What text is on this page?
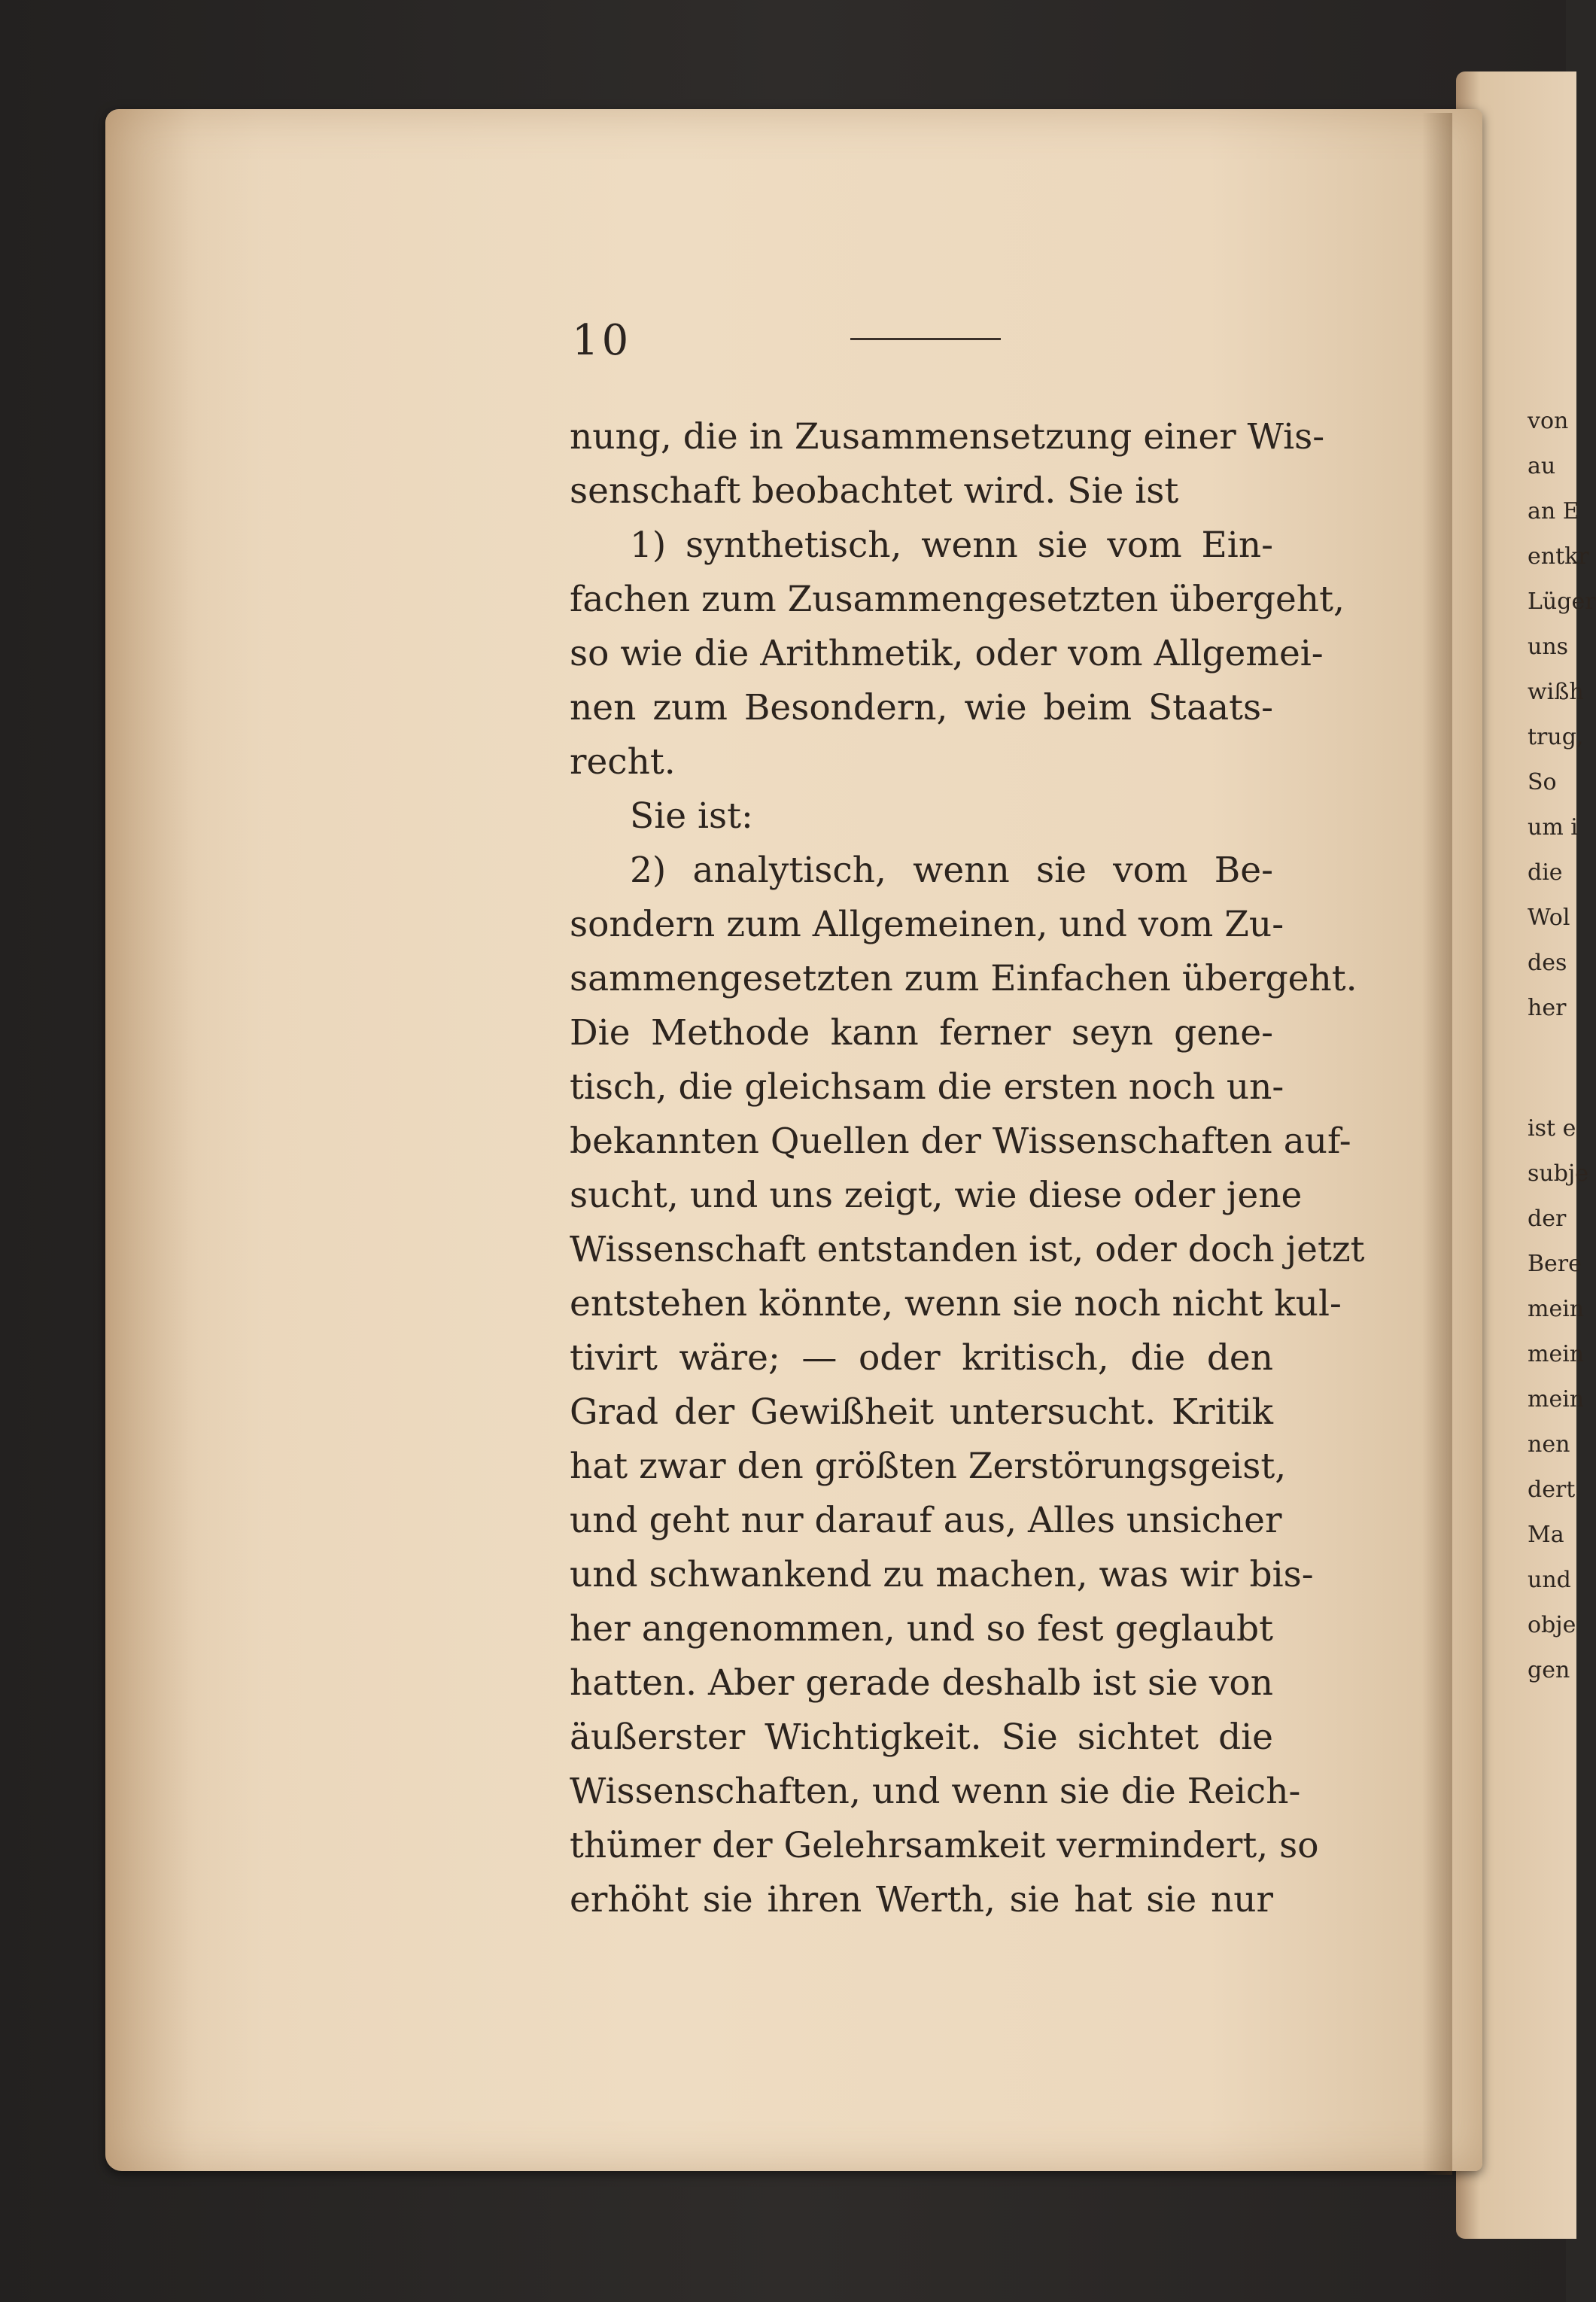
10
nung, die in Zusammensetzung einer Wis-
senschaft beobachtet wird. Sie ist
1) synthetisch, wenn sie vom Ein-
fachen zum Zusammengesetzten übergeht,
so wie die Arithmetik, oder vom Allgemei-
nen zum Besondern, wie beim Staats-
recht.
Sie ist:
2) analytisch, wenn sie vom Be-
sondern zum Allgemeinen, und vom Zu-
sammengesetzten zum Einfachen übergeht.
Die Methode kann ferner seyn gene-
tisch, die gleichsam die ersten noch un-
bekannten Quellen der Wissenschaften auf-
sucht, und uns zeigt, wie diese oder jene
Wissenschaft entstanden ist, oder doch jetzt
entstehen könnte, wenn sie noch nicht kul-
tivirt wäre; — oder kritisch, die den
Grad der Gewißheit untersucht. Kritik
hat zwar den größten Zerstörungsgeist,
und geht nur darauf aus, Alles unsicher
und schwankend zu machen, was wir bis-
her angenommen, und so fest geglaubt
hatten. Aber gerade deshalb ist sie von
äußerster Wichtigkeit. Sie sichtet die
Wissenschaften, und wenn sie die Reich-
thümer der Gelehrsamkeit vermindert, so
erhöht sie ihren Werth, sie hat sie nur
von
au
an E
entkr
Lüger
uns
wißh
trug,
So
um i
die
Wol
des
her
ist e
subje
der
Bere
mein
mein
mein
nen
dert
Ma
und
obje
gen
